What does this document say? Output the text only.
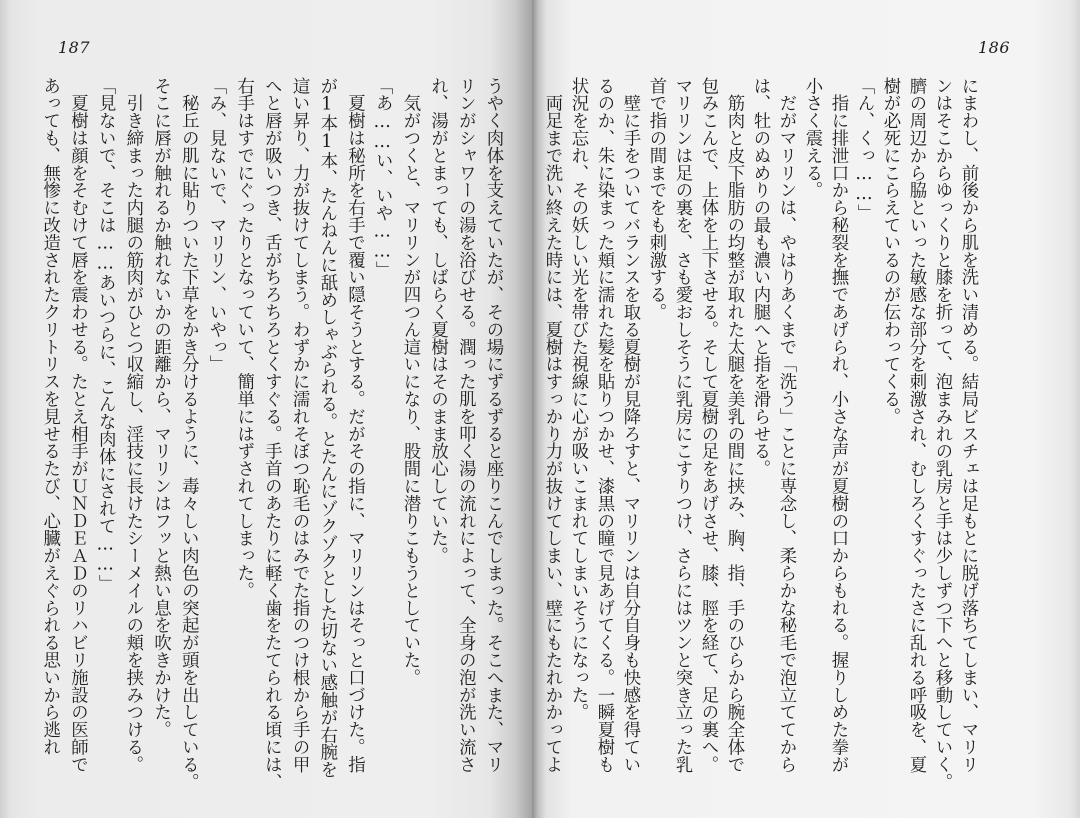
187
うやく肉体を支えていたが、その場にずるずると座りこんでしまった。そこへまた、マリ
リンがシャワーの湯を浴びせる。潤った肌を叩く湯の流れによって、全身の泡が洗い流さ
れ、湯がとまっても、しばらく夏樹はそのまま放心していた。
　気がつくと、マリリンが四つん這いになり、股間に潜りこもうとしていた。
「あ……い、いや……」
　夏樹は秘所を右手で覆い隠そうとする。だがその指に、マリリンはそっと口づけた。指
が1本1本、たんねんに舐めしゃぶられる。とたんにゾクゾクとした切ない感触が右腕を
這い昇り、力が抜けてしまう。わずかに濡れそぼつ恥毛のはみでた指のつけ根から手の甲
へと唇が吸いつき、舌がちろちろとくすぐる。手首のあたりに軽く歯をたてられる頃には、
右手はすでにぐったりとなっていて、簡単にはずされてしまった。
「み、見ないで、マリリン、いやっ」
　秘丘の肌に貼りついた下草をかき分けるように、毒々しい肉色の突起が頭を出している。
そこに唇が触れるか触れないかの距離から、マリリンはフッと熱い息を吹きかけた。
　引き締まった内腿の筋肉がひとつ収縮し、淫技に長けたシーメイルの頬を挟みつける。
「見ないで、そこは……あいつらに、こんな肉体にされて……」
　夏樹は顔をそむけて唇を震わせる。たとえ相手がＵＮＤＥＡＤのリハビリ施設の医師で
あっても、無惨に改造されたクリトリスを見せるたび、心臓がえぐられる思いから逃れ
186
にまわし、前後から肌を洗い清める。結局ビスチェは足もとに脱げ落ちてしまい、マリリ
ンはそこからゆっくりと膝を折って、泡まみれの乳房と手は少しずつ下へと移動していく。
臍の周辺から脇といった敏感な部分を刺激され、むしろくすぐったさに乱れる呼吸を、夏
樹が必死にこらえているのが伝わってくる。
「ん、くっ……」
　指に排泄口から秘裂を撫であげられ、小さな声が夏樹の口からもれる。握りしめた拳が
小さく震える。
　だがマリリンは、やはりあくまで「洗う」ことに専念し、柔らかな秘毛で泡立ててから
は、牡のぬめりの最も濃い内腿へと指を滑らせる。
　筋肉と皮下脂肪の均整が取れた太腿を美乳の間に挟み、胸、指、手のひらから腕全体で
包みこんで、上体を上下させる。そして夏樹の足をあげさせ、膝、脛を経て、足の裏へ。
マリリンは足の裏を、さも愛おしそうに乳房にこすりつけ、さらにはツンと突き立った乳
首で指の間までをも刺激する。
　壁に手をついてバランスを取る夏樹が見降ろすと、マリリンは自分自身も快感を得てい
るのか、朱に染まった頬に濡れた髪を貼りつかせ、漆黒の瞳で見あげてくる。一瞬夏樹も
状況を忘れ、その妖しい光を帯びた視線に心が吸いこまれてしまいそうになった。
　両足まで洗い終えた時には、夏樹はすっかり力が抜けてしまい、壁にもたれかかってよ
